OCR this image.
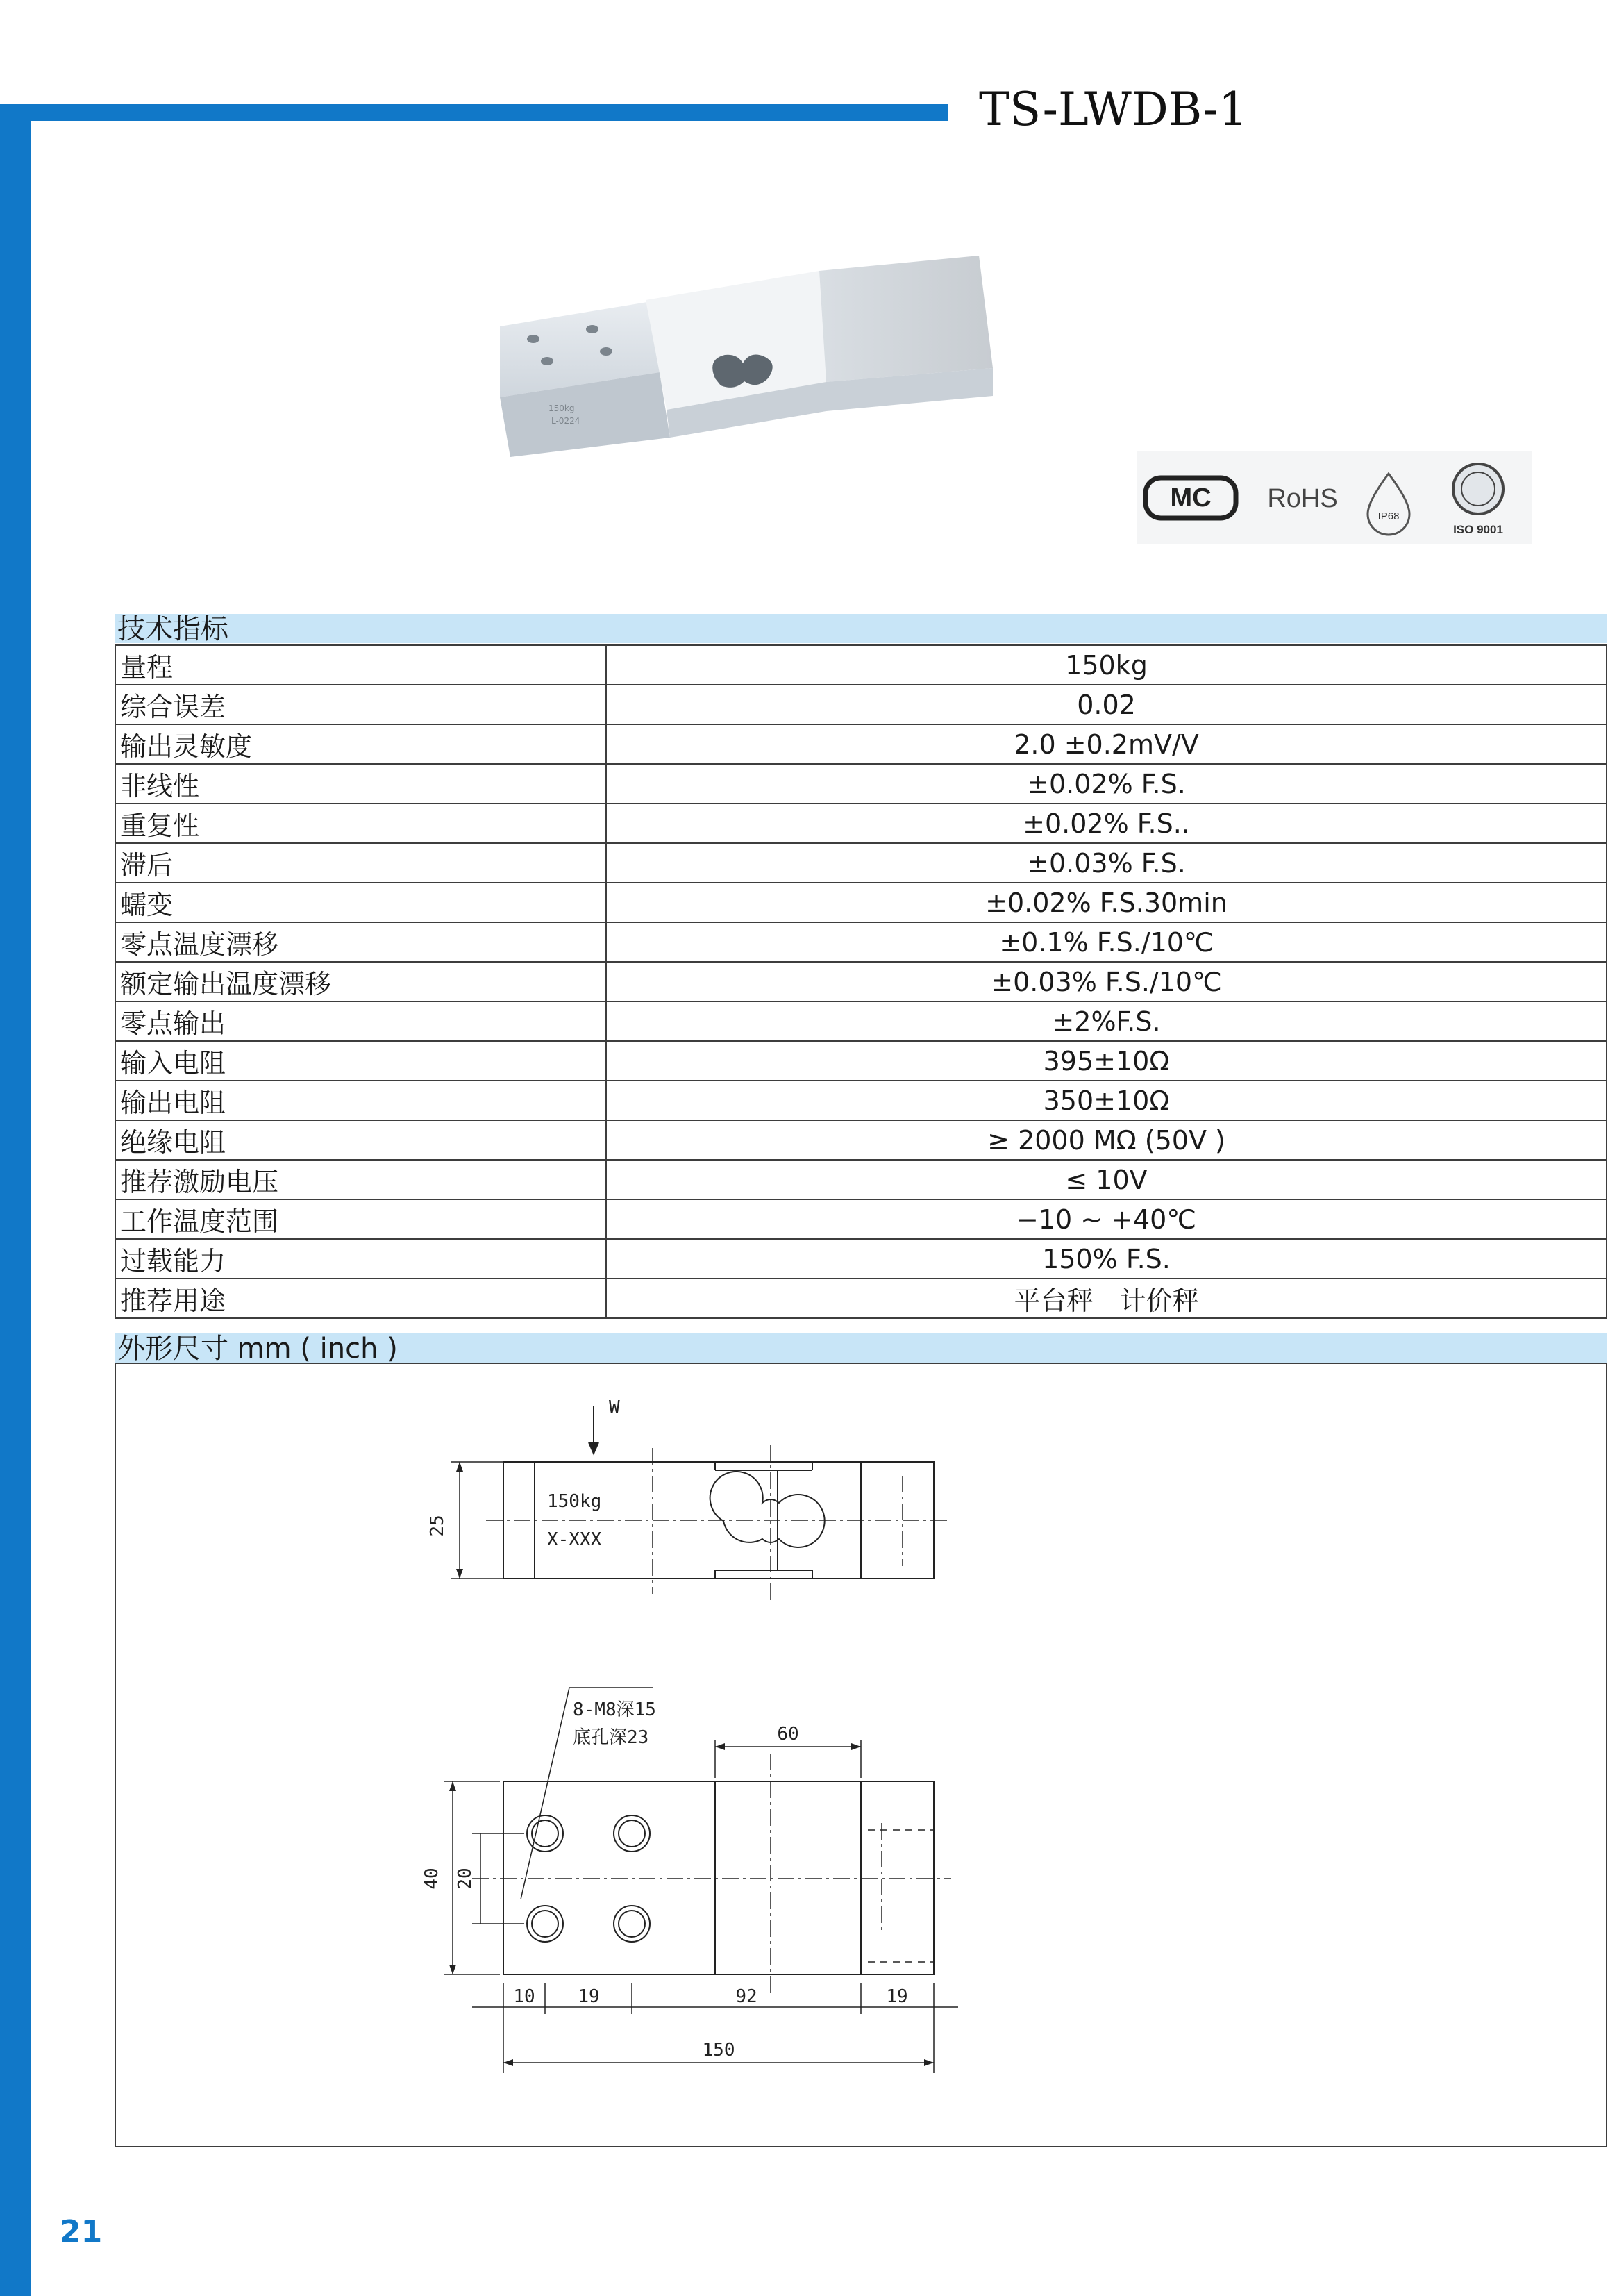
TS-LWDB-1
150kg
L-0224
MC RoHS
IP68
ISO 9001
技术指标
量程	150kg
综合误差	0.02
输出灵敏度	2.0 ±0.2mV/V
非线性	±0.02% F.S.
重复性	±0.02% F.S..
滞后	±0.03% F.S.
蠕变	±0.02% F.S.30min
零点温度漂移	±0.1% F.S./10℃
额定输出温度漂移	±0.03% F.S./10℃
零点输出	±2%F.S.
输入电阻	395±10Ω
输出电阻	350±10Ω
绝缘电阻	≥ 2000 MΩ (50V )
推荐激励电压	≤ 10V
工作温度范围	−10 ~ +40℃
过载能力	150% F.S.
推荐用途	平台秤　计价秤
外形尺寸 mm ( inch )
W
150kg
X-XXX
25
8-M8深15
底孔深23	60
40 20
10 19	92	19
150
21
